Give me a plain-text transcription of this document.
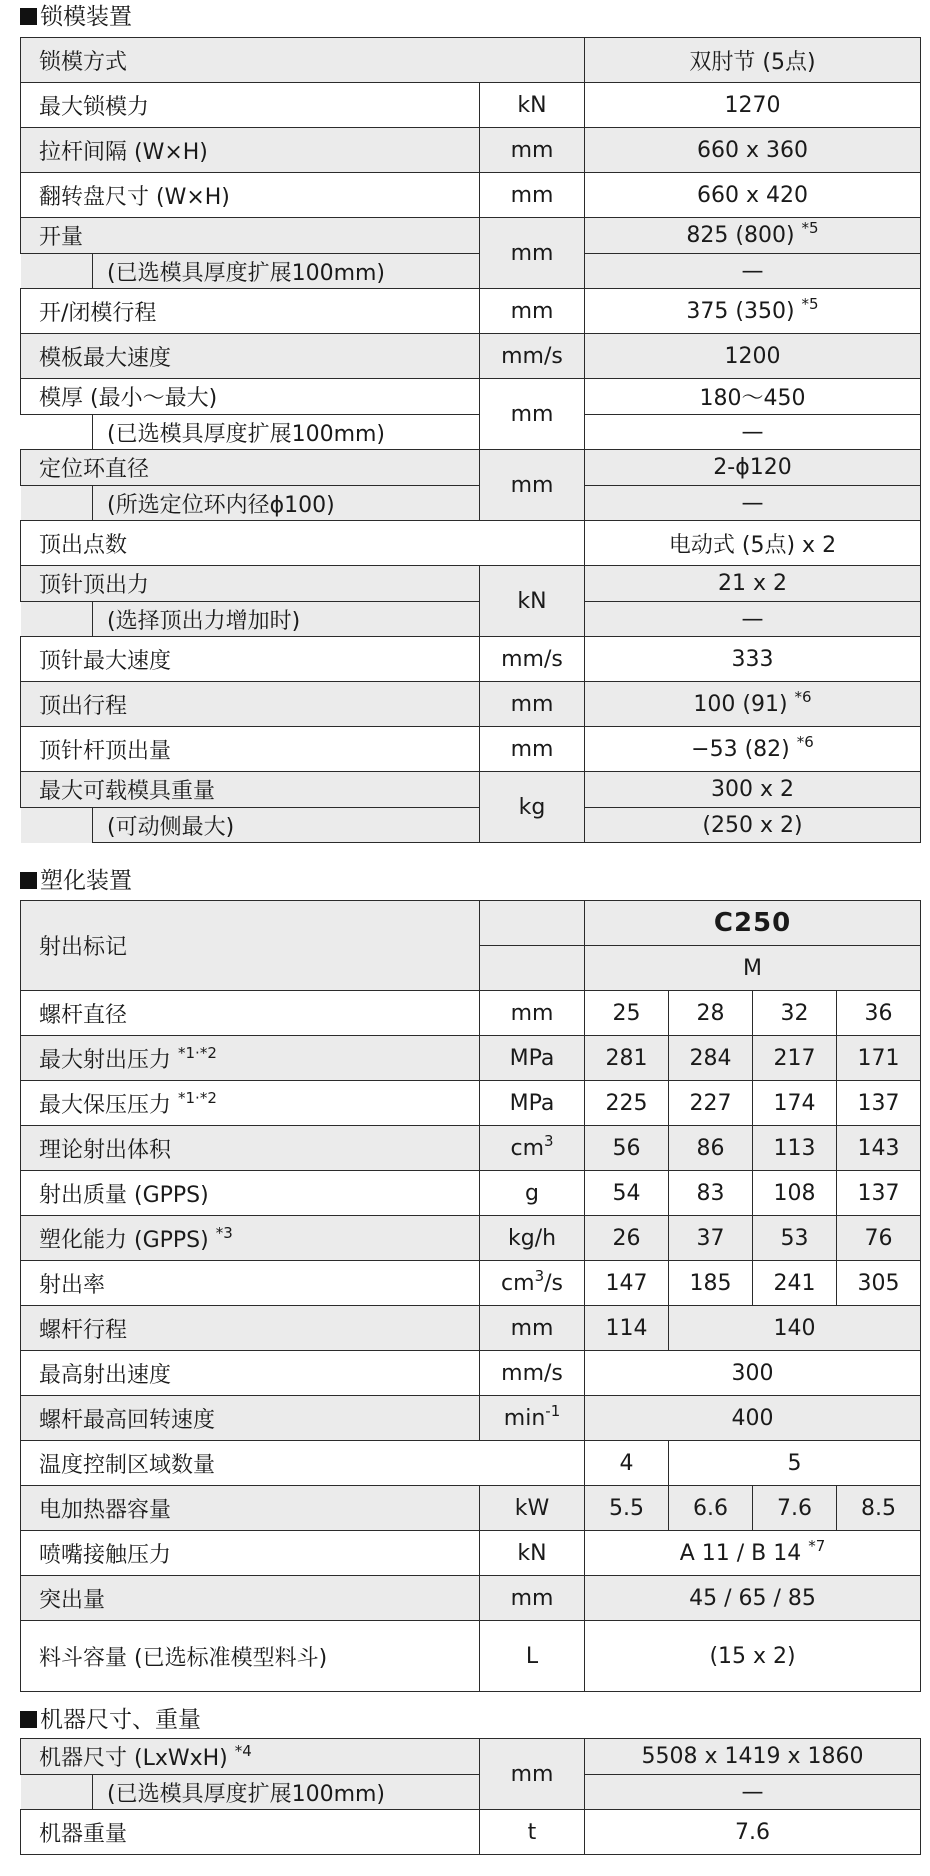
锁模装置
锁模方式			双肘节 (5点)
最大锁模力		kN	1270
拉杆间隔 (W×H)		mm	660 x 360
翻转盘尺寸 (W×H)		mm	660 x 420
开量		mm	825 (800) $^{*5}$
	(已选模具厚度扩展100mm)		—
开/闭模行程		mm	375 (350) $^{*5}$
模板最大速度		mm/s	1200
模厚 (最小～最大)		mm	180～450
	(已选模具厚度扩展100mm)		—
定位环直径		mm	2-ϕ120
	(所选定位环内径ϕ100)		—
顶出点数			电动式 (5点) x 2
顶针顶出力		kN	21 x 2
	(选择顶出力增加时)		—
顶针最大速度		mm/s	333
顶出行程		mm	100 (91) $^{*6}$
顶针杆顶出量		mm	−53 (82) $^{*6}$
最大可载模具重量		kg	300 x 2
	(可动侧最大)		(250 x 2)
塑化装置
射出标记		C250			
		M			
螺杆直径	mm	25	28	32	36
最大射出压力 $^{*1\cdot*2}$	MPa	281	284	217	171
最大保压压力 $^{*1\cdot*2}$	MPa	225	227	174	137
理论射出体积	$cm^3$	56	86	113	143
射出质量 (GPPS)	g	54	83	108	137
塑化能力 (GPPS) $^{*3}$	kg/h	26	37	53	76
射出率	$cm^3/s$	147	185	241	305
螺杆行程	mm	114	140		
最高射出速度	mm/s	300			
螺杆最高回转速度	$\min^{-1}$	400			
温度控制区域数量		4	5		
电加热器容量	kW	5.5	6.6	7.6	8.5
喷嘴接触压力	kN	A 11 / B 14 $^{*7}$
突出量	mm	45 / 65 / 85			
料斗容量 (已选标准模型料斗)	L	(15 x 2)			
机器尺寸、重量
机器尺寸 (LxWxH) $^{*4}$		mm	5508 x 1419 x 1860
	(已选模具厚度扩展100mm)		—
机器重量		t	7.6
